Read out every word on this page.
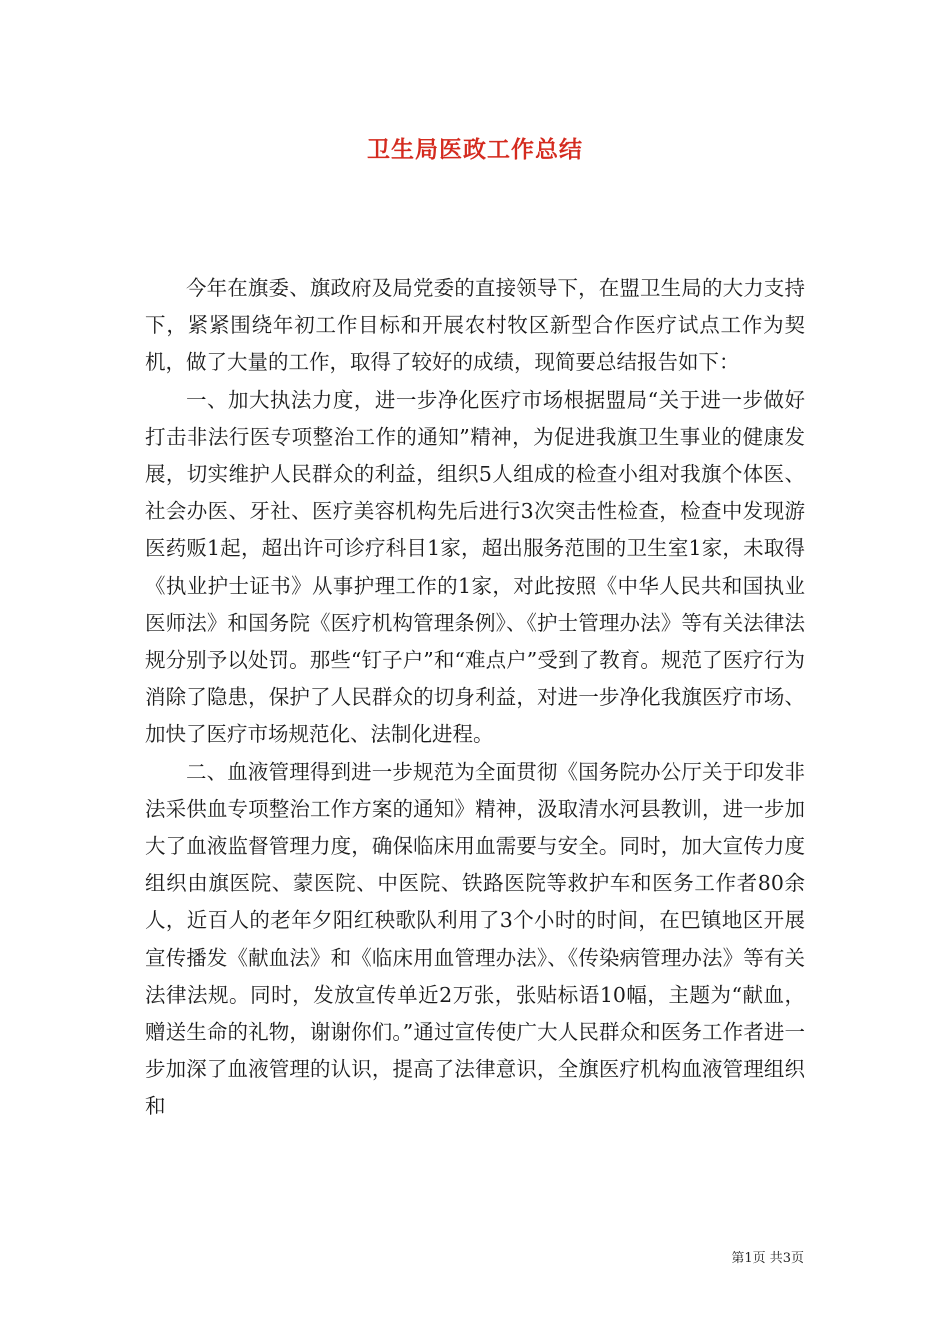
卫生局医政工作总结

今年在旗委、旗政府及局党委的直接领导下，在盟卫生局的大力支持下，紧紧围绕年初工作目标和开展农村牧区新型合作医疗试点工作为契机，做了大量的工作，取得了较好的成绩，现简要总结报告如下：

一、加大执法力度，进一步净化医疗市场根据盟局“关于进一步做好打击非法行医专项整治工作的通知”精神，为促进我旗卫生事业的健康发展，切实维护人民群众的利益，组织5人组成的检查小组对我旗个体医、社会办医、牙社、医疗美容机构先后进行3次突击性检查，检查中发现游医药贩1起，超出许可诊疗科目1家，超出服务范围的卫生室1家，未取得《执业护士证书》从事护理工作的1家，对此按照《中华人民共和国执业医师法》和国务院《医疗机构管理条例》、《护士管理办法》等有关法律法规分别予以处罚。那些“钉子户”和“难点户”受到了教育。规范了医疗行为消除了隐患，保护了人民群众的切身利益，对进一步净化我旗医疗市场、加快了医疗市场规范化、法制化进程。

二、血液管理得到进一步规范为全面贯彻《国务院办公厅关于印发非法采供血专项整治工作方案的通知》精神，汲取清水河县教训，进一步加大了血液监督管理力度，确保临床用血需要与安全。同时，加大宣传力度组织由旗医院、蒙医院、中医院、铁路医院等救护车和医务工作者80余人，近百人的老年夕阳红秧歌队利用了3个小时的时间，在巴镇地区开展宣传播发《献血法》和《临床用血管理办法》、《传染病管理办法》等有关法律法规。同时，发放宣传单近2万张，张贴标语10幅，主题为“献血，赠送生命的礼物，谢谢你们。”通过宣传使广大人民群众和医务工作者进一步加深了血液管理的认识，提高了法律意识，全旗医疗机构血液管理组织和

第1页 共3页
